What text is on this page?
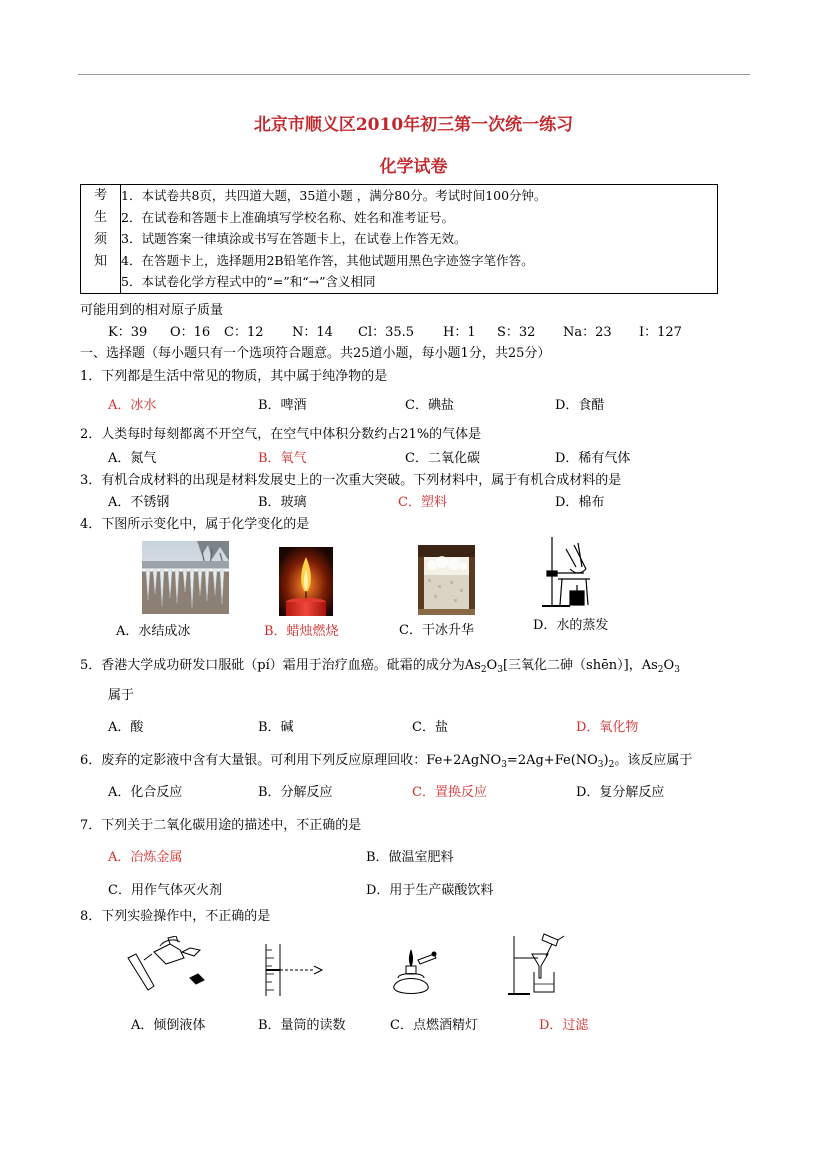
北京市顺义区2010年初三第一次统一练习
化学试卷
考
生
须
知

1．本试卷共8页，共四道大题，35道小题 ，满分80分。考试时间100分钟。
2．在试卷和答题卡上准确填写学校名称、姓名和准考证号。
3．试题答案一律填涂或书写在答题卡上，在试卷上作答无效。
4．在答题卡上，选择题用2B铅笔作答，其他试题用黑色字迹签字笔作答。
5．本试卷化学方程式中的“=”和“→”含义相同
可能用到的相对原子质量
K：39 O：16 C：12 N：14 Cl：35.5 H：1 S：32 Na：23 I：127
一、选择题（每小题只有一个选项符合题意。共25道小题，每小题1分，共25分）
1．下列都是生活中常见的物质，其中属于纯净物的是
A．冰水	B．啤酒	C．碘盐	D．食醋
2．人类每时每刻都离不开空气，在空气中体积分数约占21%的气体是
A．氮气	B．氧气	C．二氧化碳	D．稀有气体
3．有机合成材料的出现是材料发展史上的一次重大突破。下列材料中，属于有机合成材料的是
A．不锈钢	B．玻璃	C．塑料	D．棉布
4．下图所示变化中，属于化学变化的是
A．水结成冰	B．蜡烛燃烧	C．干冰升华	D．水的蒸发
5．香港大学成功研发口服砒（pí）霜用于治疗血癌。砒霜的成分为$As_2O_3$[三氧化二砷（shēn）]，$As_2O_3$
属于
A．酸	B．碱	C．盐	D．氧化物
6．废弃的定影液中含有大量银。可利用下列反应原理回收：$Fe+2AgNO_3=2Ag+Fe(NO_3)_2$。该反应属于
A．化合反应	B．分解反应	C．置换反应	D．复分解反应
7．下列关于二氧化碳用途的描述中，不正确的是
A．冶炼金属	B．做温室肥料
C．用作气体灭火剂	D．用于生产碳酸饮料
8．下列实验操作中，不正确的是
A．倾倒液体	B．量筒的读数	C．点燃酒精灯	D．过滤
